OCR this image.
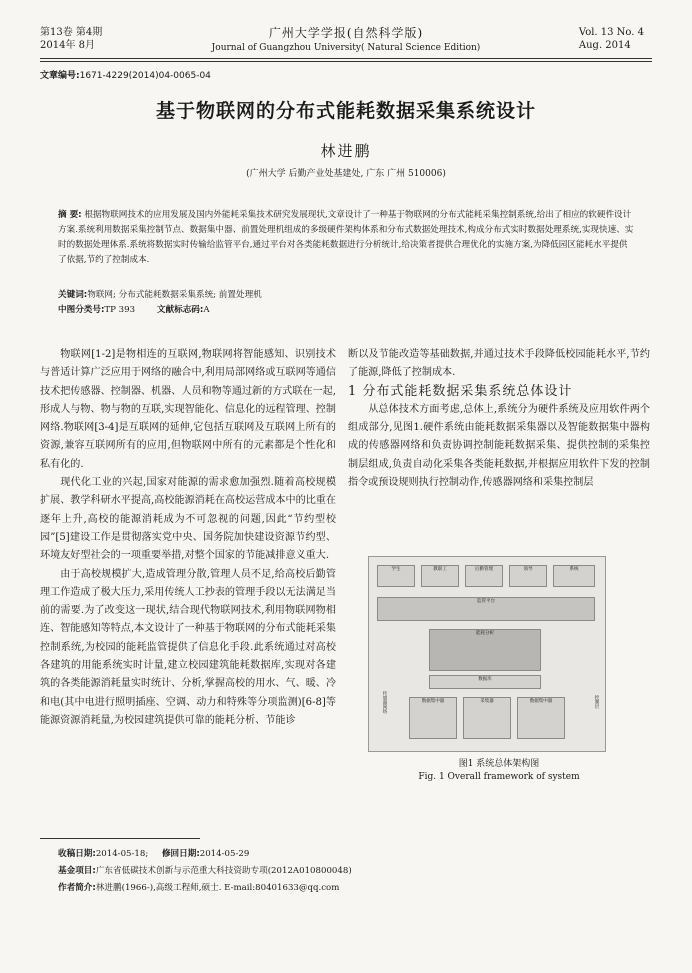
第13卷 第4期
2014年 8月
广州大学学报(自然科学版)
Journal of Guangzhou University( Natural Science Edition)
Vol. 13 No. 4
Aug. 2014
文章编号:1671-4229(2014)04-0065-04
基于物联网的分布式能耗数据采集系统设计
林进鹏
(广州大学 后勤产业处基建处, 广东 广州 510006)
摘 要: 根据物联网技术的应用发展及国内外能耗采集技术研究发展现状,文章设计了一种基于物联网的分布式能耗采集控制系统,给出了相应的软硬件设计方案.系统利用数据采集控制节点、数据集中器、前置处理机组成的多级硬件架构体系和分布式数据处理技术,构成分布式实时数据处理系统,实现快速、实时的数据处理体系.系统将数据实时传输给监管平台,通过平台对各类能耗数据进行分析统计,给决策者提供合理优化的实施方案,为降低园区能耗水平提供了依据,节约了控制成本.
关键词:物联网; 分布式能耗数据采集系统; 前置处理机
中图分类号:TP 393	文献标志码:A

物联网[1-2]是物相连的互联网,物联网将智能感知、识别技术与普适计算广泛应用于网络的融合中,利用局部网络或互联网等通信技术把传感器、控制器、机器、人员和物等通过新的方式联在一起,形成人与物、物与物的互联,实现智能化、信息化的远程管理、控制网络.物联网[3-4]是互联网的延伸,它包括互联网及互联网上所有的资源,兼容互联网所有的应用,但物联网中所有的元素都是个性化和私有化的.

现代化工业的兴起,国家对能源的需求愈加强烈.随着高校规模扩展、教学科研水平提高,高校能源消耗在高校运营成本中的比重在逐年上升,高校的能源消耗成为不可忽视的问题,因此“节约型校园”[5]建设工作是贯彻落实党中央、国务院加快建设资源节约型、环境友好型社会的一项重要举措,对整个国家的节能减排意义重大.

由于高校规模扩大,造成管理分散,管理人员不足,给高校后勤管理工作造成了极大压力,采用传统人工抄表的管理手段以无法满足当前的需要.为了改变这一现状,结合现代物联网技术,利用物联网物相连、智能感知等特点,本文设计了一种基于物联网的分布式能耗采集控制系统,为校园的能耗监管提供了信息化手段.此系统通过对高校各建筑的用能系统实时计量,建立校园建筑能耗数据库,实现对各建筑的各类能源消耗量实时统计、分析,掌握高校的用水、气、暖、冷和电(其中电进行照明插座、空调、动力和特殊等分项监测)[6-8]等能源资源消耗量,为校园建筑提供可靠的能耗分析、节能诊

断以及节能改造等基础数据,并通过技术手段降低校园能耗水平,节约了能源,降低了控制成本.

1 分布式能耗数据采集系统总体设计

从总体技术方面考虑,总体上,系统分为硬件系统及应用软件两个组成部分,见图1.硬件系统由能耗数据采集器以及智能数据集中器构成的传感器网络和负责协调控制能耗数据采集、提供控制的采集控制层组成,负责自动化采集各类能耗数据,并根据应用软件下发的控制指令或预设规则执行控制动作,传感器网络和采集控制层

学生	教职工	后勤管理	领导	系统
监管平台
能耗分析
数据库
数据集中器	采集器	数据集中器
传感器网络	控制层
图1 系统总体架构图
Fig. 1 Overall framework of system
收稿日期:2014-05-18; 修回日期:2014-05-29
基金项目:广东省低碳技术创新与示范重大科技资助专项(2012A010800048)
作者简介:林进鹏(1966-),高级工程师,硕士. E-mail:80401633@qq.com
